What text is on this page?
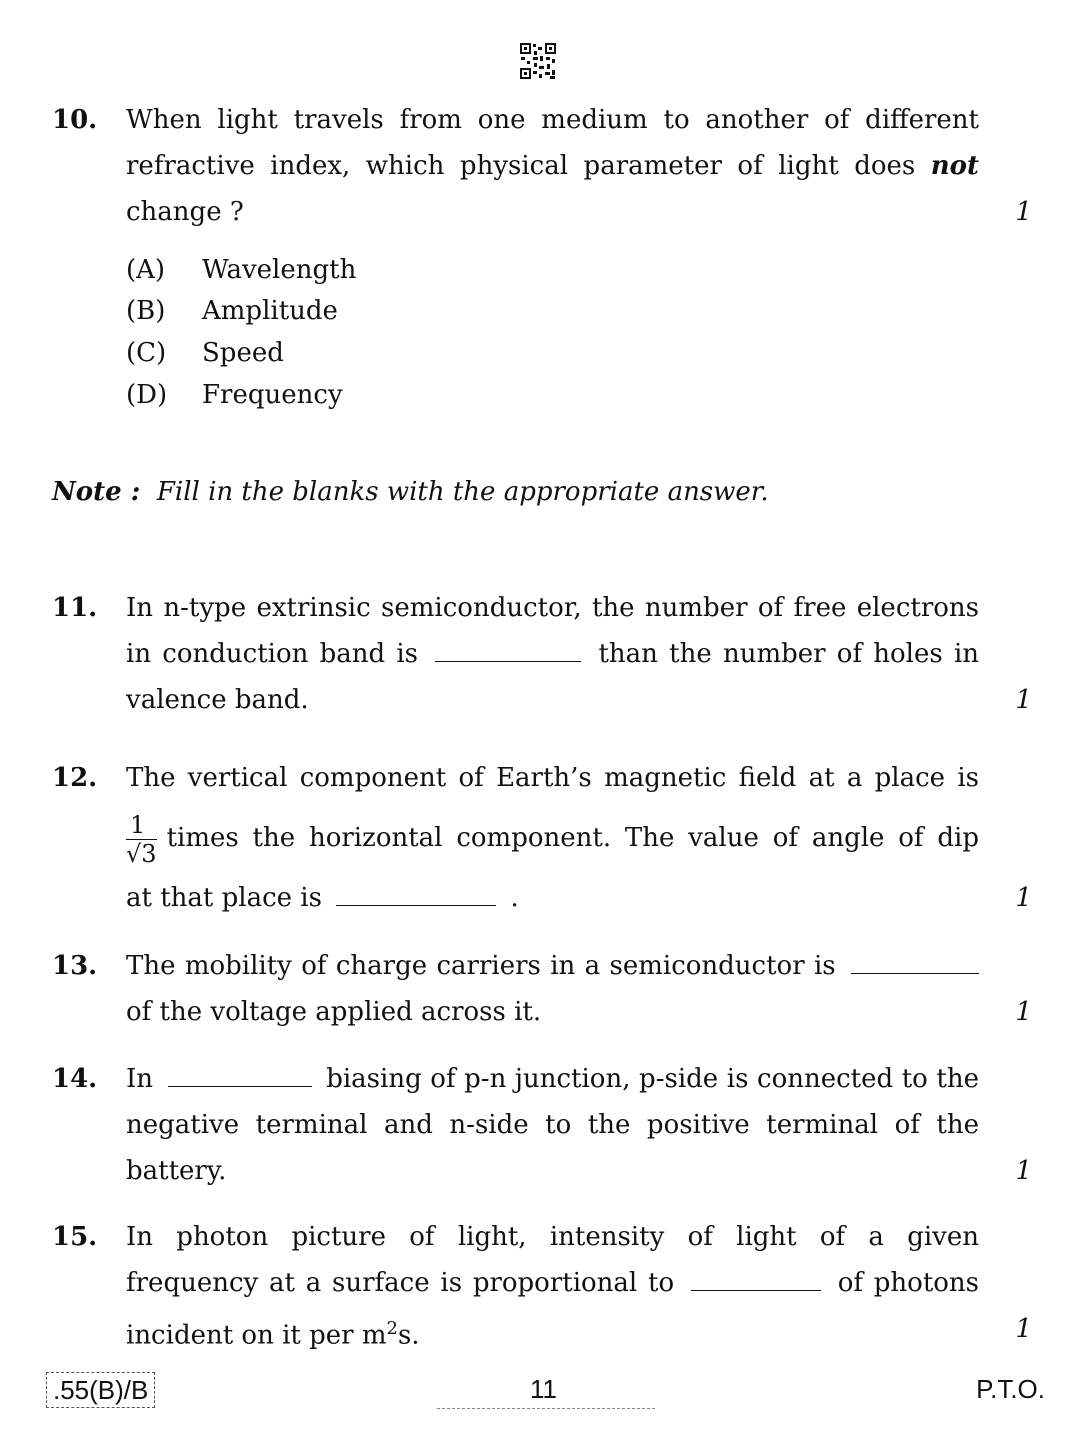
10. When light travels from one medium to another of different
refractive index, which physical parameter of light does not
change ?	1
(A) Wavelength
(B) Amplitude
(C) Speed
(D) Frequency
Note : Fill in the blanks with the appropriate answer.
11. In n-type extrinsic semiconductor, the number of free electrons
in conduction band is	than the number of holes in
valence band.	1
12. The vertical component of Earth’s magnetic field at a place is
$\frac{1}{√3}$ times the horizontal component. The value of angle of dip
at that place is	.	1
13. The mobility of charge carriers in a semiconductor is
of the voltage applied across it.	1
14. In	biasing of p-n junction, p-side is connected to the
negative terminal and n-side to the positive terminal of the
battery.	1
15. In photon picture of light, intensity of light of a given
frequency at a surface is proportional to	of photons
incident on it per $m^2s$.	1
.55(B)/B	11	P.T.O.
